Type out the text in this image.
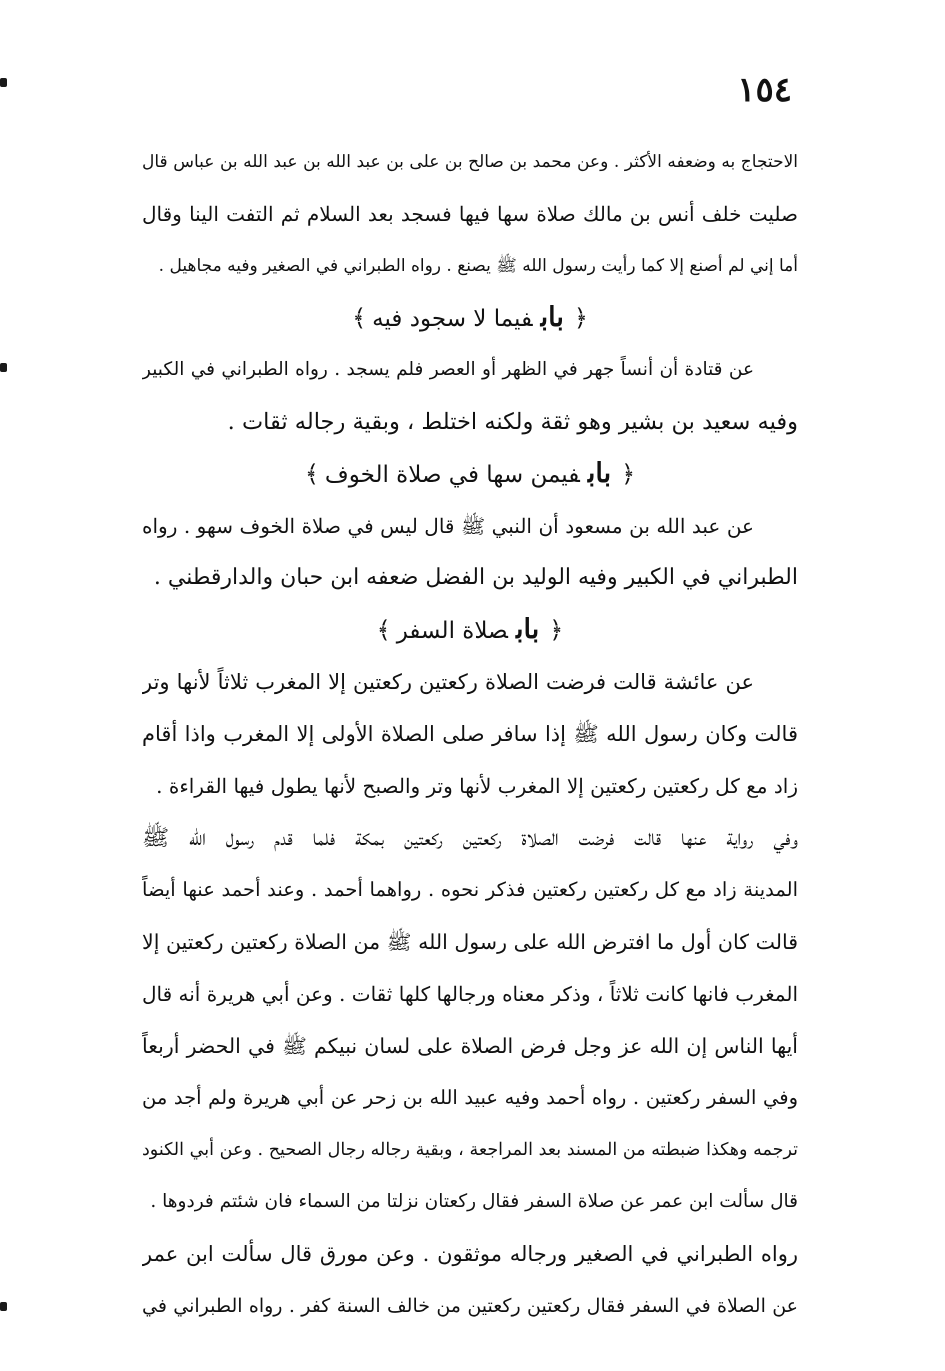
١٥٤
الاحتجاج به وضعفه الأكثر . وعن محمد بن صالح بن على بن عبد الله بن عبد الله بن عباس قال
صليت خلف أنس بن مالك صلاة سها فيها فسجد بعد السلام ثم التفت الينا وقال
أما إني لم أصنع إلا كما رأيت رسول الله ﷺ يصنع . رواه الطبراني في الصغير وفيه مجاهيل .
﴿بابفيما لا سجود فيه﴾
عن قتادة أن أنساً جهر في الظهر أو العصر فلم يسجد . رواه الطبراني في الكبير
وفيه سعيد بن بشير وهو ثقة ولكنه اختلط ، وبقية رجاله ثقات .
﴿بابفيمن سها في صلاة الخوف﴾
عن عبد الله بن مسعود أن النبي ﷺ قال ليس في صلاة الخوف سهو . رواه
الطبراني في الكبير وفيه الوليد بن الفضل ضعفه ابن حبان والدارقطني .
﴿بابصلاة السفر﴾
عن عائشة قالت فرضت الصلاة ركعتين ركعتين إلا المغرب ثلاثاً لأنها وتر
قالت وكان رسول الله ﷺ إذا سافر صلى الصلاة الأولى إلا المغرب واذا أقام
زاد مع كل ركعتين ركعتين إلا المغرب لأنها وتر والصبح لأنها يطول فيها القراءة .
وفي رواية عنها قالت فرضت الصلاة ركعتين ركعتين بمكة فلما قدم رسول الله ﷺ
المدينة زاد مع كل ركعتين ركعتين فذكر نحوه . رواهما أحمد . وعند أحمد عنها أيضاً
قالت كان أول ما افترض الله على رسول الله ﷺ من الصلاة ركعتين ركعتين إلا
المغرب فانها كانت ثلاثاً ، وذكر معناه ورجالها كلها ثقات . وعن أبي هريرة أنه قال
أيها الناس إن الله عز وجل فرض الصلاة على لسان نبيكم ﷺ في الحضر أربعاً
وفي السفر ركعتين . رواه أحمد وفيه عبيد الله بن زحر عن أبي هريرة ولم أجد من
ترجمه وهكذا ضبطته من المسند بعد المراجعة ، وبقية رجاله رجال الصحيح . وعن أبي الكنود
قال سألت ابن عمر عن صلاة السفر فقال ركعتان نزلتا من السماء فان شئتم فردوها .
رواه الطبراني في الصغير ورجاله موثقون . وعن مورق قال سألت ابن عمر
عن الصلاة في السفر فقال ركعتين ركعتين من خالف السنة كفر . رواه الطبراني في
